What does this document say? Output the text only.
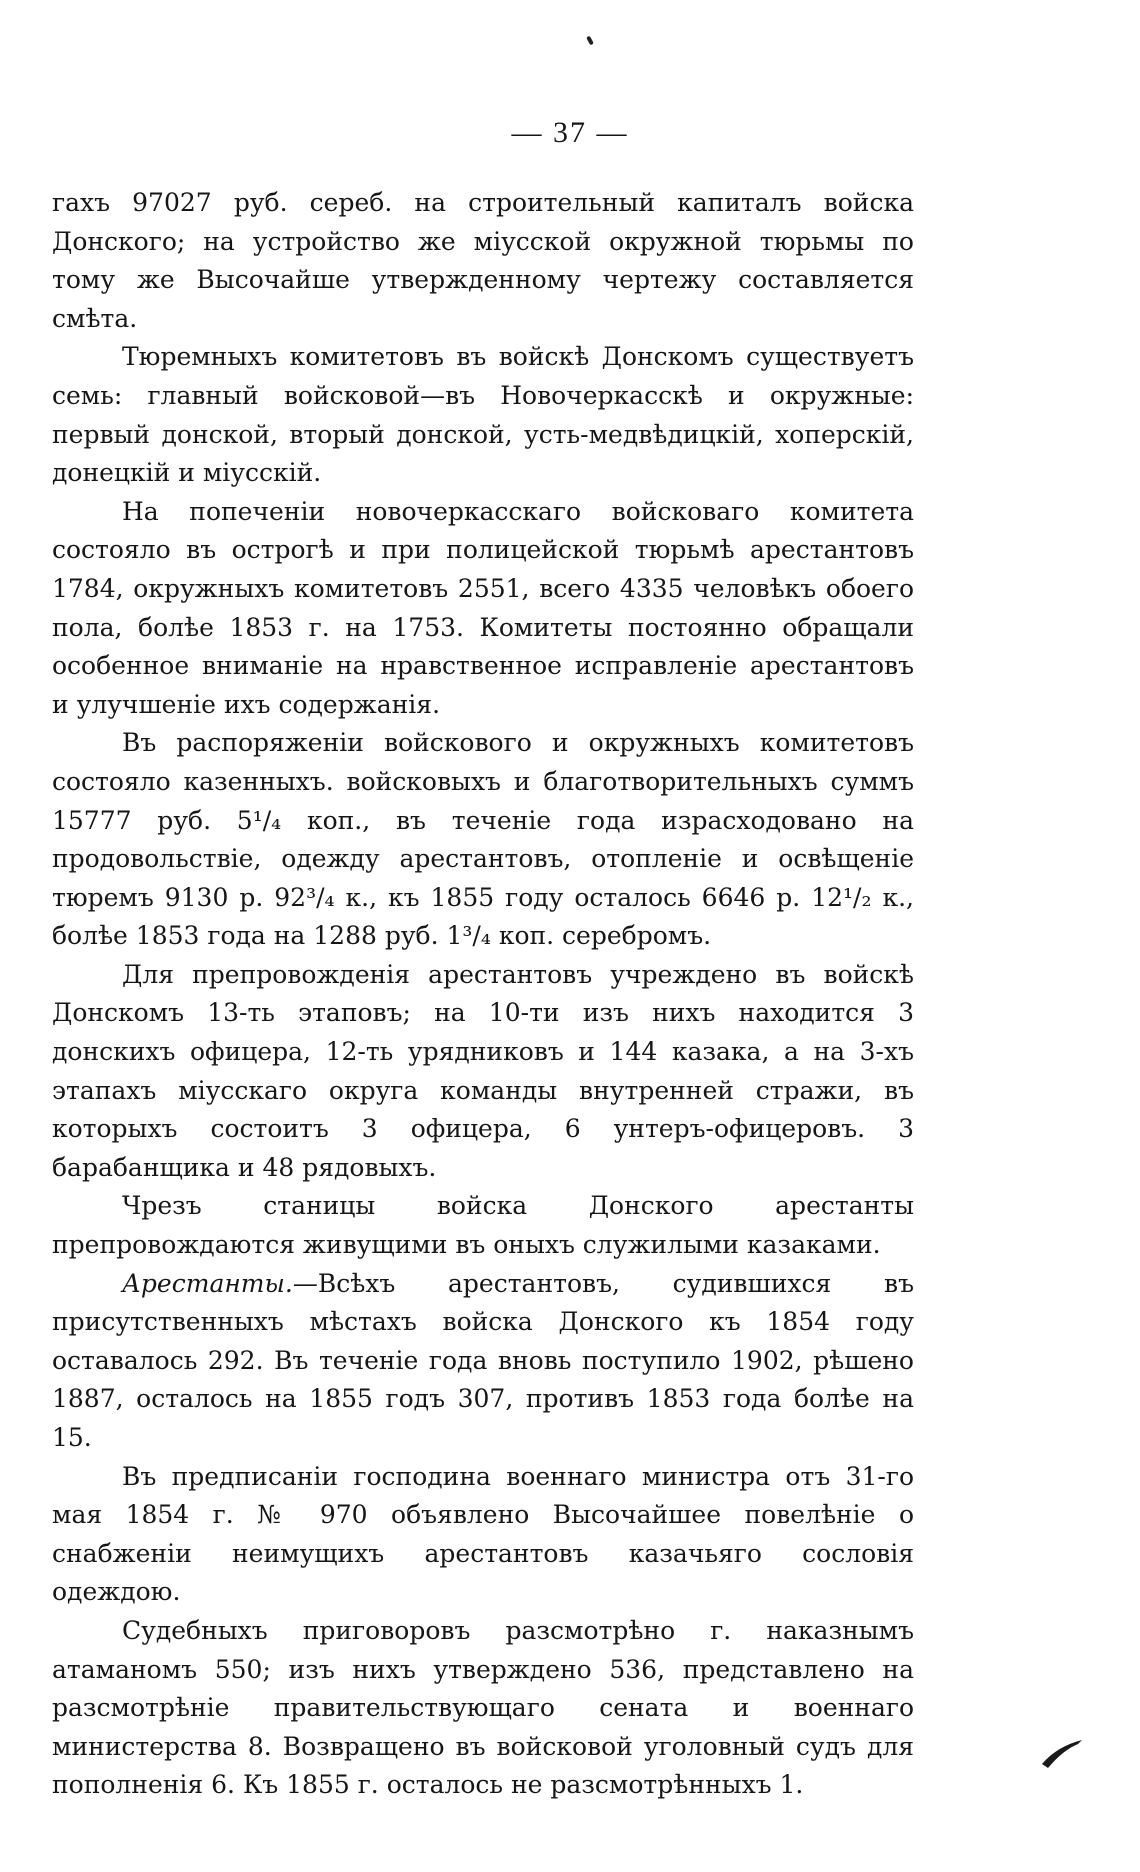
— 37 —

гахъ 97027 руб. сереб. на строительный капиталъ войска Донского; на устройство же міусской окружной тюрьмы по тому же Высочайше утвержденному чертежу составляется смѣта.

Тюремныхъ комитетовъ въ войскѣ Донскомъ существуетъ семь: главный войсковой—въ Новочеркасскѣ и окружные: первый донской, вторый донской, усть-медвѣдицкій, хоперскій, донецкій и міусскій.

На попеченіи новочеркасскаго войсковаго комитета состояло въ острогѣ и при полицейской тюрьмѣ арестантовъ 1784, окружныхъ комитетовъ 2551, всего 4335 человѣкъ обоего пола, болѣе 1853 г. на 1753. Комитеты постоянно обращали особенное вниманіе на нравственное исправленіе арестантовъ и улучшеніе ихъ содержанія.

Въ распоряженіи войскового и окружныхъ комитетовъ состояло казенныхъ. войсковыхъ и благотворительныхъ суммъ 15777 руб. 5¹/₄ коп., въ теченіе года израсходовано на продовольствіе, одежду арестантовъ, отопленіе и освѣщеніе тюремъ 9130 р. 92³/₄ к., къ 1855 году осталось 6646 р. 12¹/₂ к., болѣе 1853 года на 1288 руб. 1³/₄ коп. серебромъ.

Для препровожденія арестантовъ учреждено въ войскѣ Донскомъ 13-ть этаповъ; на 10-ти изъ нихъ находится 3 донскихъ офицера, 12-ть урядниковъ и 144 казака, а на 3-хъ этапахъ міусскаго округа команды внутренней стражи, въ которыхъ состоитъ 3 офицера, 6 унтеръ-офицеровъ. 3 барабанщика и 48 рядовыхъ.

Чрезъ станицы войска Донского арестанты препровождаются живущими въ оныхъ служилыми казаками.

Арестанты.—Всѣхъ арестантовъ, судившихся въ присутственныхъ мѣстахъ войска Донского къ 1854 году оставалось 292. Въ теченіе года вновь поступило 1902, рѣшено 1887, осталось на 1855 годъ 307, противъ 1853 года болѣе на 15.

Въ предписаніи господина военнаго министра отъ 31-го мая 1854 г. № 970 объявлено Высочайшее повелѣніе о снабженіи неимущихъ арестантовъ казачьяго сословія одеждою.

Судебныхъ приговоровъ разсмотрѣно г. наказнымъ атаманомъ 550; изъ нихъ утверждено 536, представлено на разсмотрѣніе правительствующаго сената и военнаго министерства 8. Возвращено въ войсковой уголовный судъ для пополненія 6. Къ 1855 г. осталось не разсмотрѣнныхъ 1.
